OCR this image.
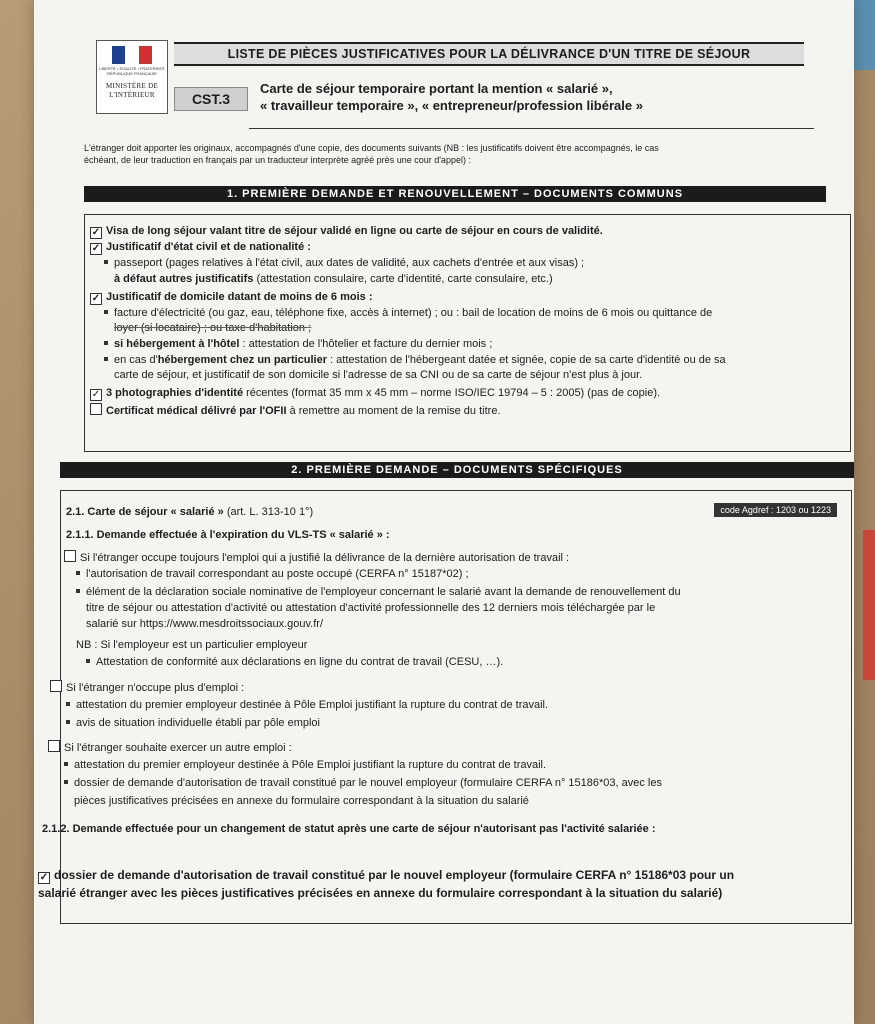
LIBERTÉ • ÉGALITÉ • FRATERNITÉ RÉPUBLIQUE FRANÇAISE
MINISTÈRE DE L'INTÉRIEUR
LISTE DE PIÈCES JUSTIFICATIVES POUR LA DÉLIVRANCE D'UN TITRE DE SÉJOUR
CST.3
Carte de séjour temporaire portant la mention « salarié »,
« travailleur temporaire », « entrepreneur/profession libérale »
L'étranger doit apporter les originaux, accompagnés d'une copie, des documents suivants (NB : les justificatifs doivent être accompagnés, le cas
échéant, de leur traduction en français par un traducteur interprète agréé près une cour d'appel) :
1. PREMIÈRE DEMANDE ET RENOUVELLEMENT – DOCUMENTS COMMUNS
✓ Visa de long séjour valant titre de séjour validé en ligne ou carte de séjour en cours de validité.
✓ Justificatif d'état civil et de nationalité :
passeport (pages relatives à l'état civil, aux dates de validité, aux cachets d'entrée et aux visas) ;
à défaut autres justificatifs (attestation consulaire, carte d'identité, carte consulaire, etc.)
✓ Justificatif de domicile datant de moins de 6 mois :
facture d'électricité (ou gaz, eau, téléphone fixe, accès à internet) ; ou : bail de location de moins de 6 mois ou quittance de
loyer (si locataire) ; ou taxe d'habitation ;
si hébergement à l'hôtel : attestation de l'hôtelier et facture du dernier mois ;
en cas d'hébergement chez un particulier : attestation de l'hébergeant datée et signée, copie de sa carte d'identité ou de sa
carte de séjour, et justificatif de son domicile si l'adresse de sa CNI ou de sa carte de séjour n'est plus à jour.
✓ 3 photographies d'identité récentes (format 35 mm x 45 mm – norme ISO/IEC 19794 – 5 : 2005) (pas de copie).
Certificat médical délivré par l'OFII à remettre au moment de la remise du titre.
2. PREMIÈRE DEMANDE – DOCUMENTS SPÉCIFIQUES
code Agdref : 1203 ou 1223
2.1. Carte de séjour « salarié » (art. L. 313-10 1°)
2.1.1. Demande effectuée à l'expiration du VLS-TS « salarié » :
Si l'étranger occupe toujours l'emploi qui a justifié la délivrance de la dernière autorisation de travail :
l'autorisation de travail correspondant au poste occupé (CERFA n° 15187*02) ;
élément de la déclaration sociale nominative de l'employeur concernant le salarié avant la demande de renouvellement du
titre de séjour ou attestation d'activité ou attestation d'activité professionnelle des 12 derniers mois téléchargée par le
salarié sur https://www.mesdroitssociaux.gouv.fr/
NB : Si l'employeur est un particulier employeur
Attestation de conformité aux déclarations en ligne du contrat de travail (CESU, …).
Si l'étranger n'occupe plus d'emploi :
attestation du premier employeur destinée à Pôle Emploi justifiant la rupture du contrat de travail.
avis de situation individuelle établi par pôle emploi
Si l'étranger souhaite exercer un autre emploi :
attestation du premier employeur destinée à Pôle Emploi justifiant la rupture du contrat de travail.
dossier de demande d'autorisation de travail constitué par le nouvel employeur (formulaire CERFA n° 15186*03, avec les
pièces justificatives précisées en annexe du formulaire correspondant à la situation du salarié
2.1.2. Demande effectuée pour un changement de statut après une carte de séjour n'autorisant pas l'activité salariée :
✓ dossier de demande d'autorisation de travail constitué par le nouvel employeur (formulaire CERFA n° 15186*03 pour un
salarié étranger avec les pièces justificatives précisées en annexe du formulaire correspondant à la situation du salarié)
